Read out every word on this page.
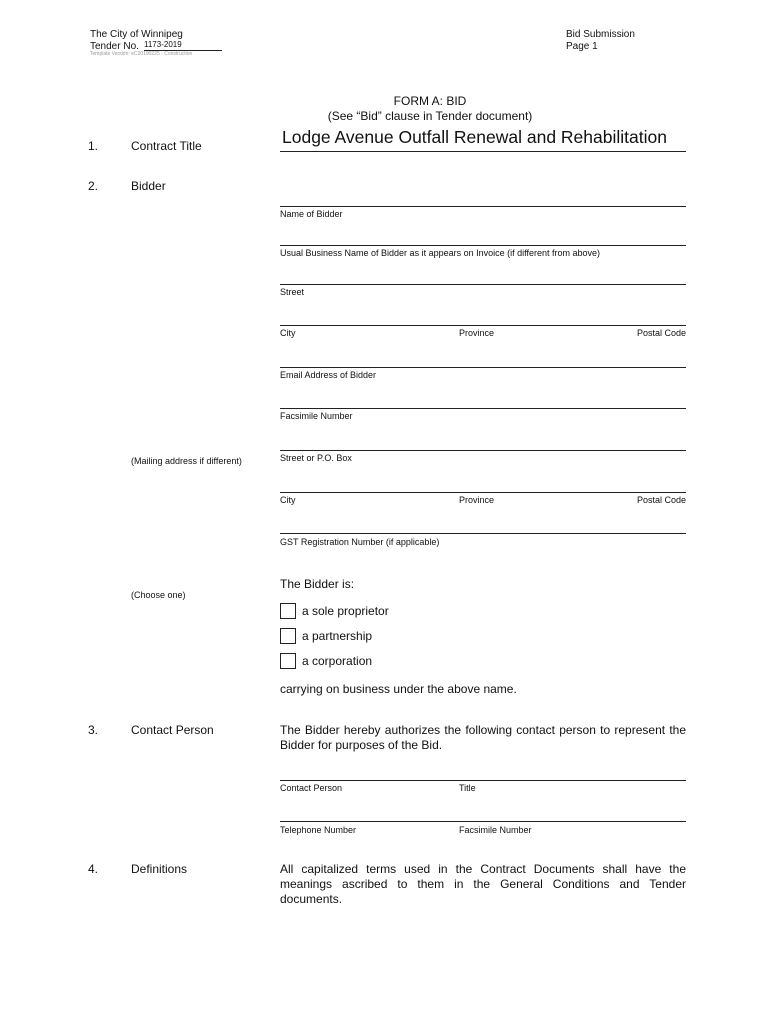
The City of Winnipeg
Tender No. 1173-2019
Template Version: eC20190225 - Construction
Bid Submission
Page 1
FORM A: BID
(See “Bid” clause in Tender document)
1.	Contract Title	Lodge Avenue Outfall Renewal and Rehabilitation
2.	Bidder
Name of Bidder
Usual Business Name of Bidder as it appears on Invoice (if different from above)
Street
City	Province	Postal Code
Email Address of Bidder
Facsimile Number
(Mailing address if different)	Street or P.O. Box
City	Province	Postal Code
GST Registration Number (if applicable)
(Choose one)
The Bidder is:
a sole proprietor
a partnership
a corporation
carrying on business under the above name.
3.	Contact Person	The Bidder hereby authorizes the following contact person to represent the Bidder for purposes of the Bid.
Contact Person	Title
Telephone Number	Facsimile Number
4.	Definitions	All capitalized terms used in the Contract Documents shall have the meanings ascribed to them in the General Conditions and Tender documents.
